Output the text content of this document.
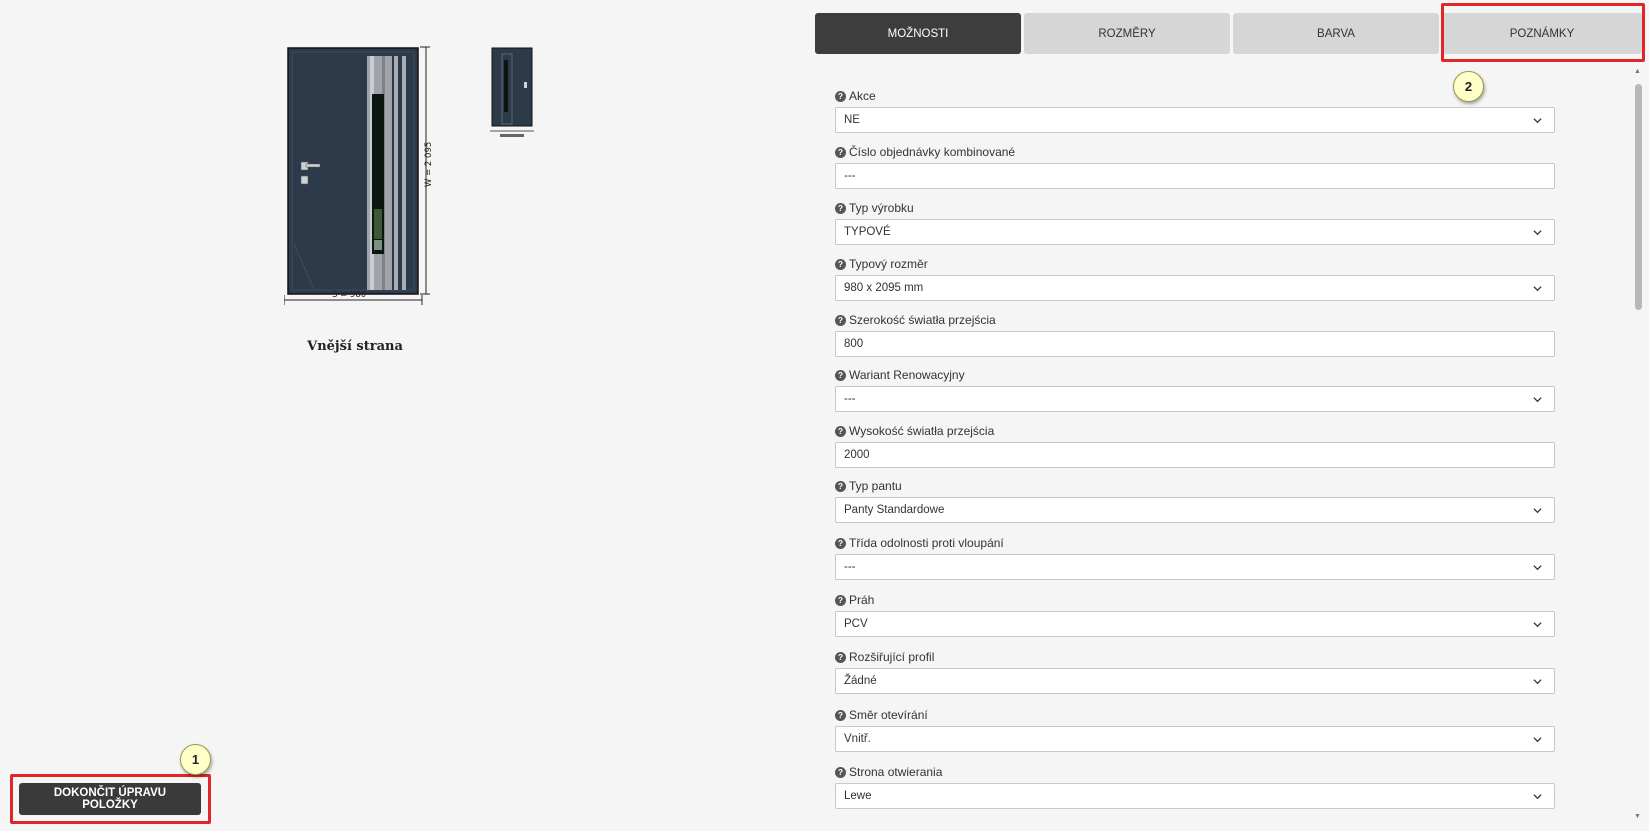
W = 2 095
S = 980
Vnější strana
DOKONČIT ÚPRAVU POLOŽKY
1
MOŽNOSTI	ROZMĚRY	BARVA	POZNÁMKY
2
? Akce
NE
? Číslo objednávky kombinované
---
? Typ výrobku
TYPOVÉ
? Typový rozměr
980 x 2095 mm
? Szerokość światła przejścia
800
? Wariant Renowacyjny
---
? Wysokość światła przejścia
2000
? Typ pantu
Panty Standardowe
? Třída odolnosti proti vloupání
---
? Práh
PCV
? Rozšiřující profil
Žádné
? Směr otevírání
Vnitř.
? Strona otwierania
Lewe
▲
▼
